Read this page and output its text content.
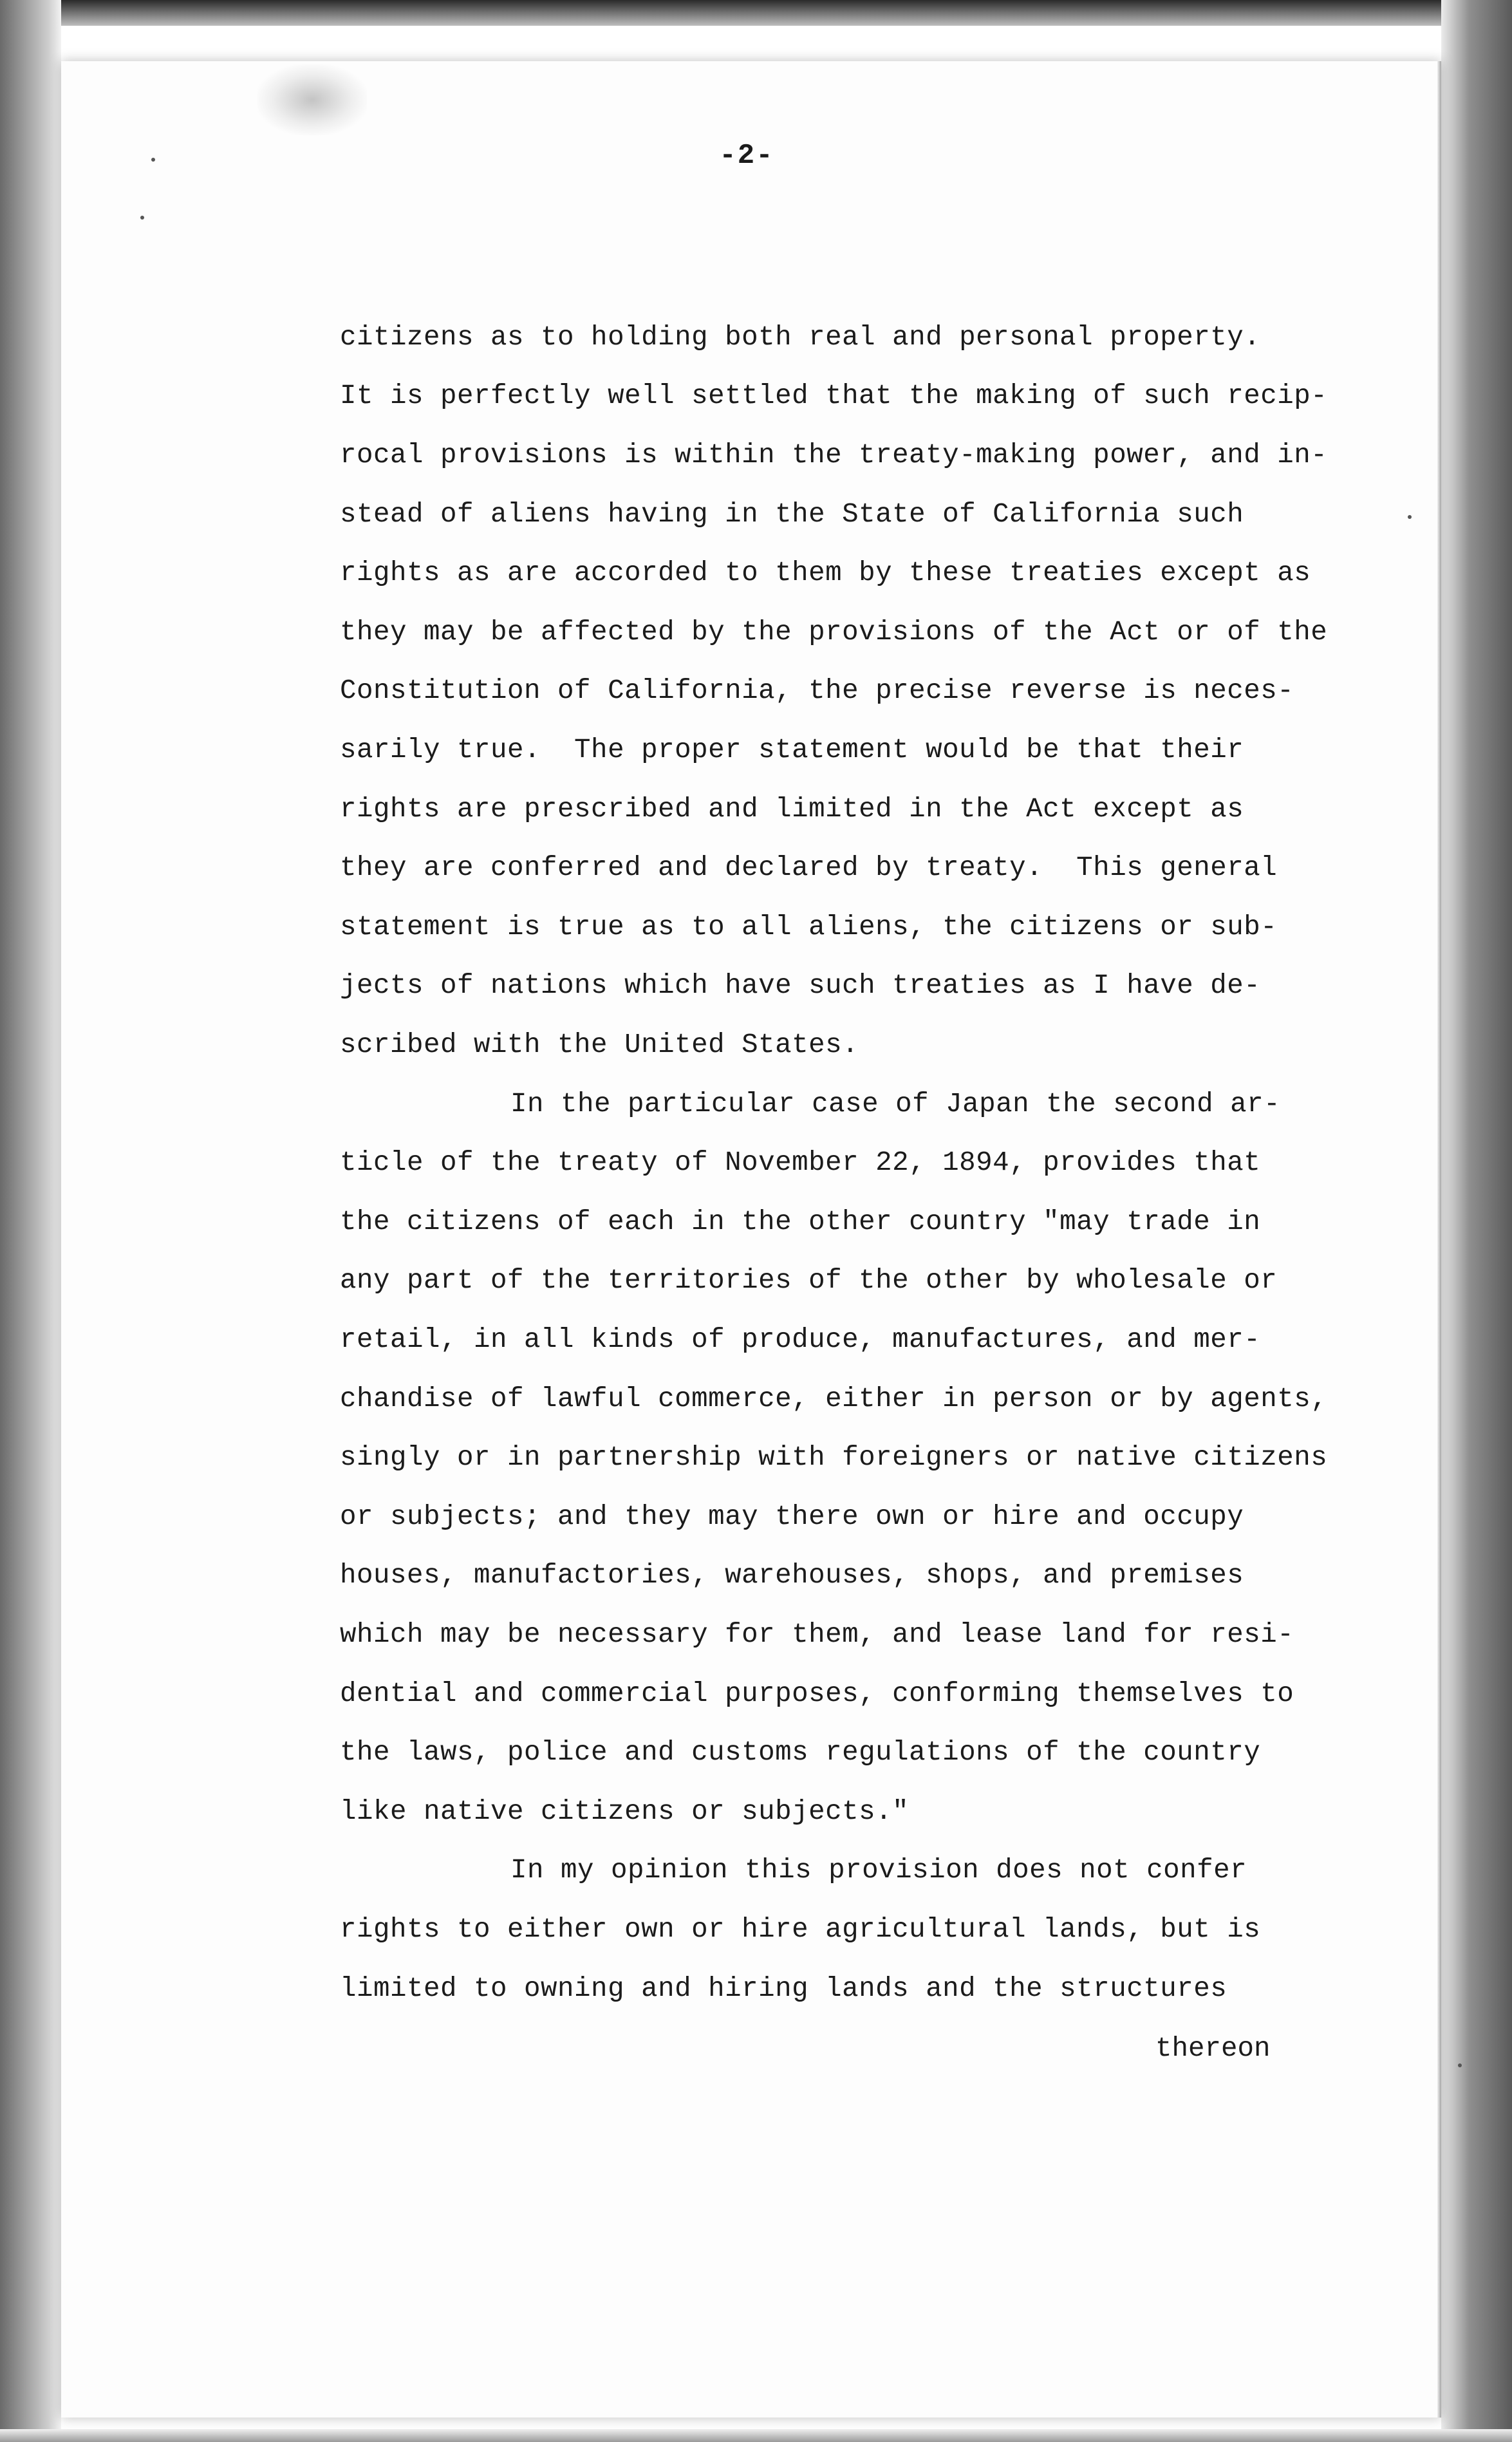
-2-
citizens as to holding both real and personal property.
It is perfectly well settled that the making of such recip-
rocal provisions is within the treaty-making power, and in-
stead of aliens having in the State of California such
rights as are accorded to them by these treaties except as
they may be affected by the provisions of the Act or of the
Constitution of California, the precise reverse is neces-
sarily true.  The proper statement would be that their
rights are prescribed and limited in the Act except as
they are conferred and declared by treaty.  This general
statement is true as to all aliens, the citizens or sub-
jects of nations which have such treaties as I have de-
scribed with the United States.
In the particular case of Japan the second ar-
ticle of the treaty of November 22, 1894, provides that
the citizens of each in the other country "may trade in
any part of the territories of the other by wholesale or
retail, in all kinds of produce, manufactures, and mer-
chandise of lawful commerce, either in person or by agents,
singly or in partnership with foreigners or native citizens
or subjects; and they may there own or hire and occupy
houses, manufactories, warehouses, shops, and premises
which may be necessary for them, and lease land for resi-
dential and commercial purposes, conforming themselves to
the laws, police and customs regulations of the country
like native citizens or subjects."
In my opinion this provision does not confer
rights to either own or hire agricultural lands, but is
limited to owning and hiring lands and the structures
thereon
